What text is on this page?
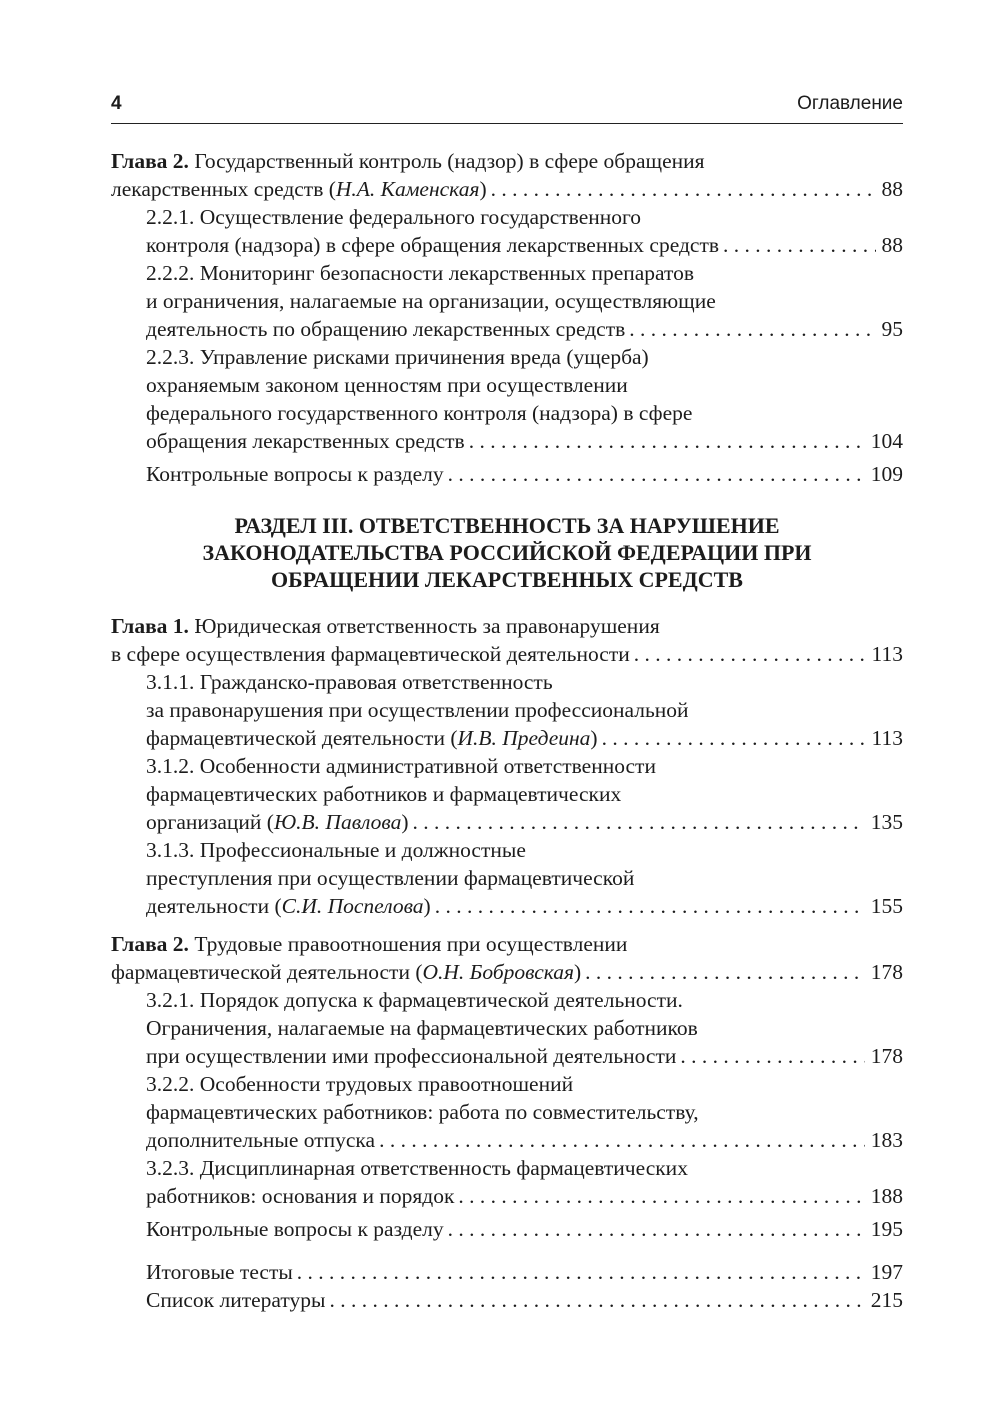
4	Оглавление
Глава 2.
Государственный контроль (надзор) в сфере обращения
лекарственных средств ( Н.А. Каменская ) . . .	88
2.2.1. Осуществление федерального государственного
контроля (надзора) в сфере обращения лекарственных средств . . .	88
2.2.2. Мониторинг безопасности лекарственных препаратов
и ограничения, налагаемые на организации, осуществляющие
деятельность по обращению лекарственных средств . . .	95
2.2.3. Управление рисками причинения вреда (ущерба)
охраняемым законом ценностям при осуществлении
федерального государственного контроля (надзора) в сфере
обращения лекарственных средств . . .	104
Контрольные вопросы к разделу . . .	109
РАЗДЕЛ III. ОТВЕТСТВЕННОСТЬ ЗА НАРУШЕНИЕ
ЗАКОНОДАТЕЛЬСТВА РОССИЙСКОЙ ФЕДЕРАЦИИ ПРИ
ОБРАЩЕНИИ ЛЕКАРСТВЕННЫХ СРЕДСТВ
Глава 1.
Юридическая ответственность за правонарушения
в сфере осуществления фармацевтической деятельности . . .	113
3.1.1. Гражданско-правовая ответственность
за правонарушения при осуществлении профессиональной
фармацевтической деятельности ( И.В. Предеина ) . . .	113
3.1.2. Особенности административной ответственности
фармацевтических работников и фармацевтических
организаций ( Ю.В. Павлова ) . . .	135
3.1.3. Профессиональные и должностные
преступления при осуществлении фармацевтической
деятельности ( С.И. Поспелова ) . . .	155
Глава 2.
Трудовые правоотношения при осуществлении
фармацевтической деятельности ( О.Н. Бобровская ) . . .	178
3.2.1. Порядок допуска к фармацевтической деятельности.
Ограничения, налагаемые на фармацевтических работников
при осуществлении ими профессиональной деятельности . . .	178
3.2.2. Особенности трудовых правоотношений
фармацевтических работников: работа по совместительству,
дополнительные отпуска . . .	183
3.2.3. Дисциплинарная ответственность фармацевтических
работников: основания и порядок . . .	188
Контрольные вопросы к разделу . . .	195
Итоговые тесты . . .	197
Список литературы . . .	215
